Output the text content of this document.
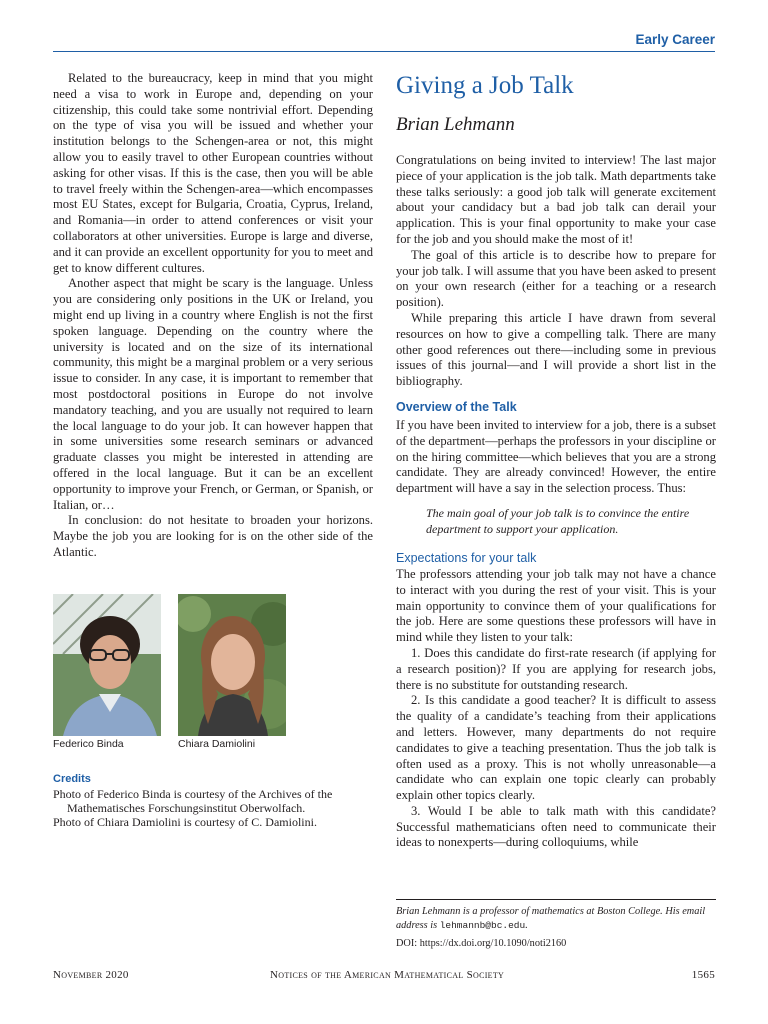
Early Career

Related to the bureaucracy, keep in mind that you might need a visa to work in Europe and, depending on your citizenship, this could take some nontrivial effort. Depending on the type of visa you will be issued and whether your institution belongs to the Schengen-area or not, this might allow you to easily travel to other European countries without asking for other visas. If this is the case, then you will be able to travel freely within the Schengen-area—which encompasses most EU States, except for Bulgaria, Croatia, Cyprus, Ireland, and Romania—in order to attend conferences or visit your collaborators at other universities. Europe is large and diverse, and it can provide an excellent opportunity for you to meet and get to know different cultures.

Another aspect that might be scary is the language. Unless you are considering only positions in the UK or Ireland, you might end up living in a country where English is not the first spoken language. Depending on the country where the university is located and on the size of its international community, this might be a marginal problem or a very serious issue to consider. In any case, it is important to remember that most postdoctoral positions in Europe do not involve mandatory teaching, and you are usually not required to learn the local language to do your job. It can however happen that in some universities some research seminars or advanced graduate classes you might be interested in attending are offered in the local language. But it can be an excellent opportunity to improve your French, or German, or Spanish, or Italian, or…

In conclusion: do not hesitate to broaden your horizons. Maybe the job you are looking for is on the other side of the Atlantic.

Federico Binda	Chiara Damiolini
Credits

Photo of Federico Binda is courtesy of the Archives of the Mathematisches Forschungsinstitut Oberwolfach.

Photo of Chiara Damiolini is courtesy of C. Damiolini.

Giving a Job Talk
Brian Lehmann

Congratulations on being invited to interview! The last major piece of your application is the job talk. Math departments take these talks seriously: a good job talk will generate excitement about your candidacy but a bad job talk can derail your application. This is your final opportunity to make your case for the job and you should make the most of it!

The goal of this article is to describe how to prepare for your job talk. I will assume that you have been asked to present on your own research (either for a teaching or a research position).

While preparing this article I have drawn from several resources on how to give a compelling talk. There are many other good references out there—including some in previous issues of this journal—and I will provide a short list in the bibliography.

Overview of the Talk

If you have been invited to interview for a job, there is a subset of the department—perhaps the professors in your discipline or on the hiring committee—which believes that you are a strong candidate. They are already convinced! However, the entire department will have a say in the selection process. Thus:

The main goal of your job talk is to convince the entire department to support your application.
Expectations for your talk

The professors attending your job talk may not have a chance to interact with you during the rest of your visit. This is your main opportunity to convince them of your qualifications for the job. Here are some questions these professors will have in mind while they listen to your talk:

1. Does this candidate do first-rate research (if applying for a research position)? If you are applying for research jobs, there is no substitute for outstanding research.

2. Is this candidate a good teacher? It is difficult to assess the quality of a candidate’s teaching from their applications and letters. However, many departments do not require candidates to give a teaching presentation. Thus the job talk is often used as a proxy. This is not wholly unreasonable—a candidate who can explain one topic clearly can probably explain other topics clearly.

3. Would I be able to talk math with this candidate? Successful mathematicians often need to communicate their ideas to nonexperts—during colloquiums, while

Brian Lehmann is a professor of mathematics at Boston College. His email address is lehmannb@bc.edu.

DOI: https://dx.doi.org/10.1090/noti2160

November 2020	Notices of the American Mathematical Society	1565
